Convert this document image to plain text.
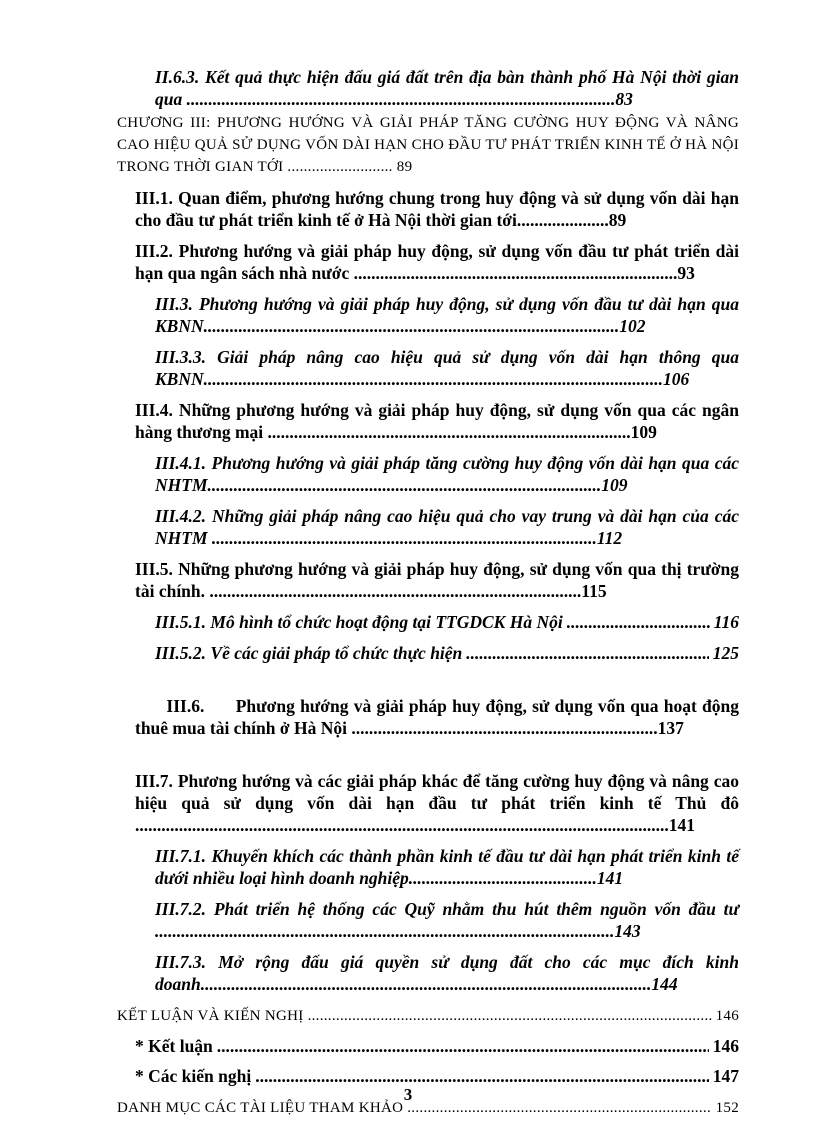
II.6.3. Kết quả thực hiện đấu giá đất trên địa bàn thành phố Hà Nội thời gian qua ..................................................................................................83
CHƯƠNG III: PHƯƠNG HƯỚNG VÀ GIẢI PHÁP TĂNG CƯỜNG HUY ĐỘNG VÀ NÂNG CAO HIỆU QUẢ SỬ DỤNG VỐN DÀI HẠN CHO ĐẦU TƯ PHÁT TRIỂN KINH TẾ Ở HÀ NỘI TRONG THỜI GIAN TỚI .......................... 89
III.1. Quan điểm, phương hướng chung trong huy động và sử dụng vốn dài hạn cho đầu tư phát triển kinh tế ở Hà Nội thời gian tới.....................89
III.2. Phương hướng và giải pháp huy động, sử dụng vốn đầu tư phát triển dài hạn qua ngân sách nhà nước ..........................................................................93
III.3. Phương hướng và giải pháp huy động, sử dụng vốn đầu tư dài hạn qua KBNN...............................................................................................102
III.3.3. Giải pháp nâng cao hiệu quả sử dụng vốn dài hạn thông qua KBNN.........................................................................................................106
III.4. Những phương hướng và giải pháp huy động, sử dụng vốn qua các ngân hàng thương mại ...................................................................................109
III.4.1. Phương hướng và giải pháp tăng cường huy động vốn dài hạn qua các NHTM..........................................................................................109
III.4.2. Những giải pháp nâng cao hiệu quả cho vay trung và dài hạn của các NHTM ........................................................................................112
III.5. Những phương hướng và giải pháp huy động, sử dụng vốn qua thị trường tài chính. .....................................................................................115
III.5.1. Mô hình tổ chức hoạt động tại TTGDCK Hà Nội .....	116
III.5.2. Về các giải pháp tổ chức thực hiện .....	125

III.6.      Phương hướng và giải pháp huy động, sử dụng vốn qua hoạt động thuê mua tài chính ở Hà Nội ......................................................................137

III.7. Phương hướng và các giải pháp khác để tăng cường huy động và nâng cao hiệu quả sử dụng vốn dài hạn đầu tư phát triển kinh tế Thủ đô ..........................................................................................................................141
III.7.1. Khuyến khích các thành phần kinh tế đầu tư dài hạn phát triển kinh tế dưới nhiều loại hình doanh nghiệp...........................................141
III.7.2. Phát triển hệ thống các Quỹ nhằm thu hút thêm nguồn vốn đầu tư .........................................................................................................143
III.7.3. Mở rộng đấu giá quyền sử dụng đất cho các mục đích kinh doanh.......................................................................................................144
KẾT LUẬN VÀ KIẾN NGHỊ .....	146
* Kết luận .....	146
* Các kiến nghị .....	147
DANH MỤC CÁC TÀI LIỆU THAM KHẢO .....	152
3
